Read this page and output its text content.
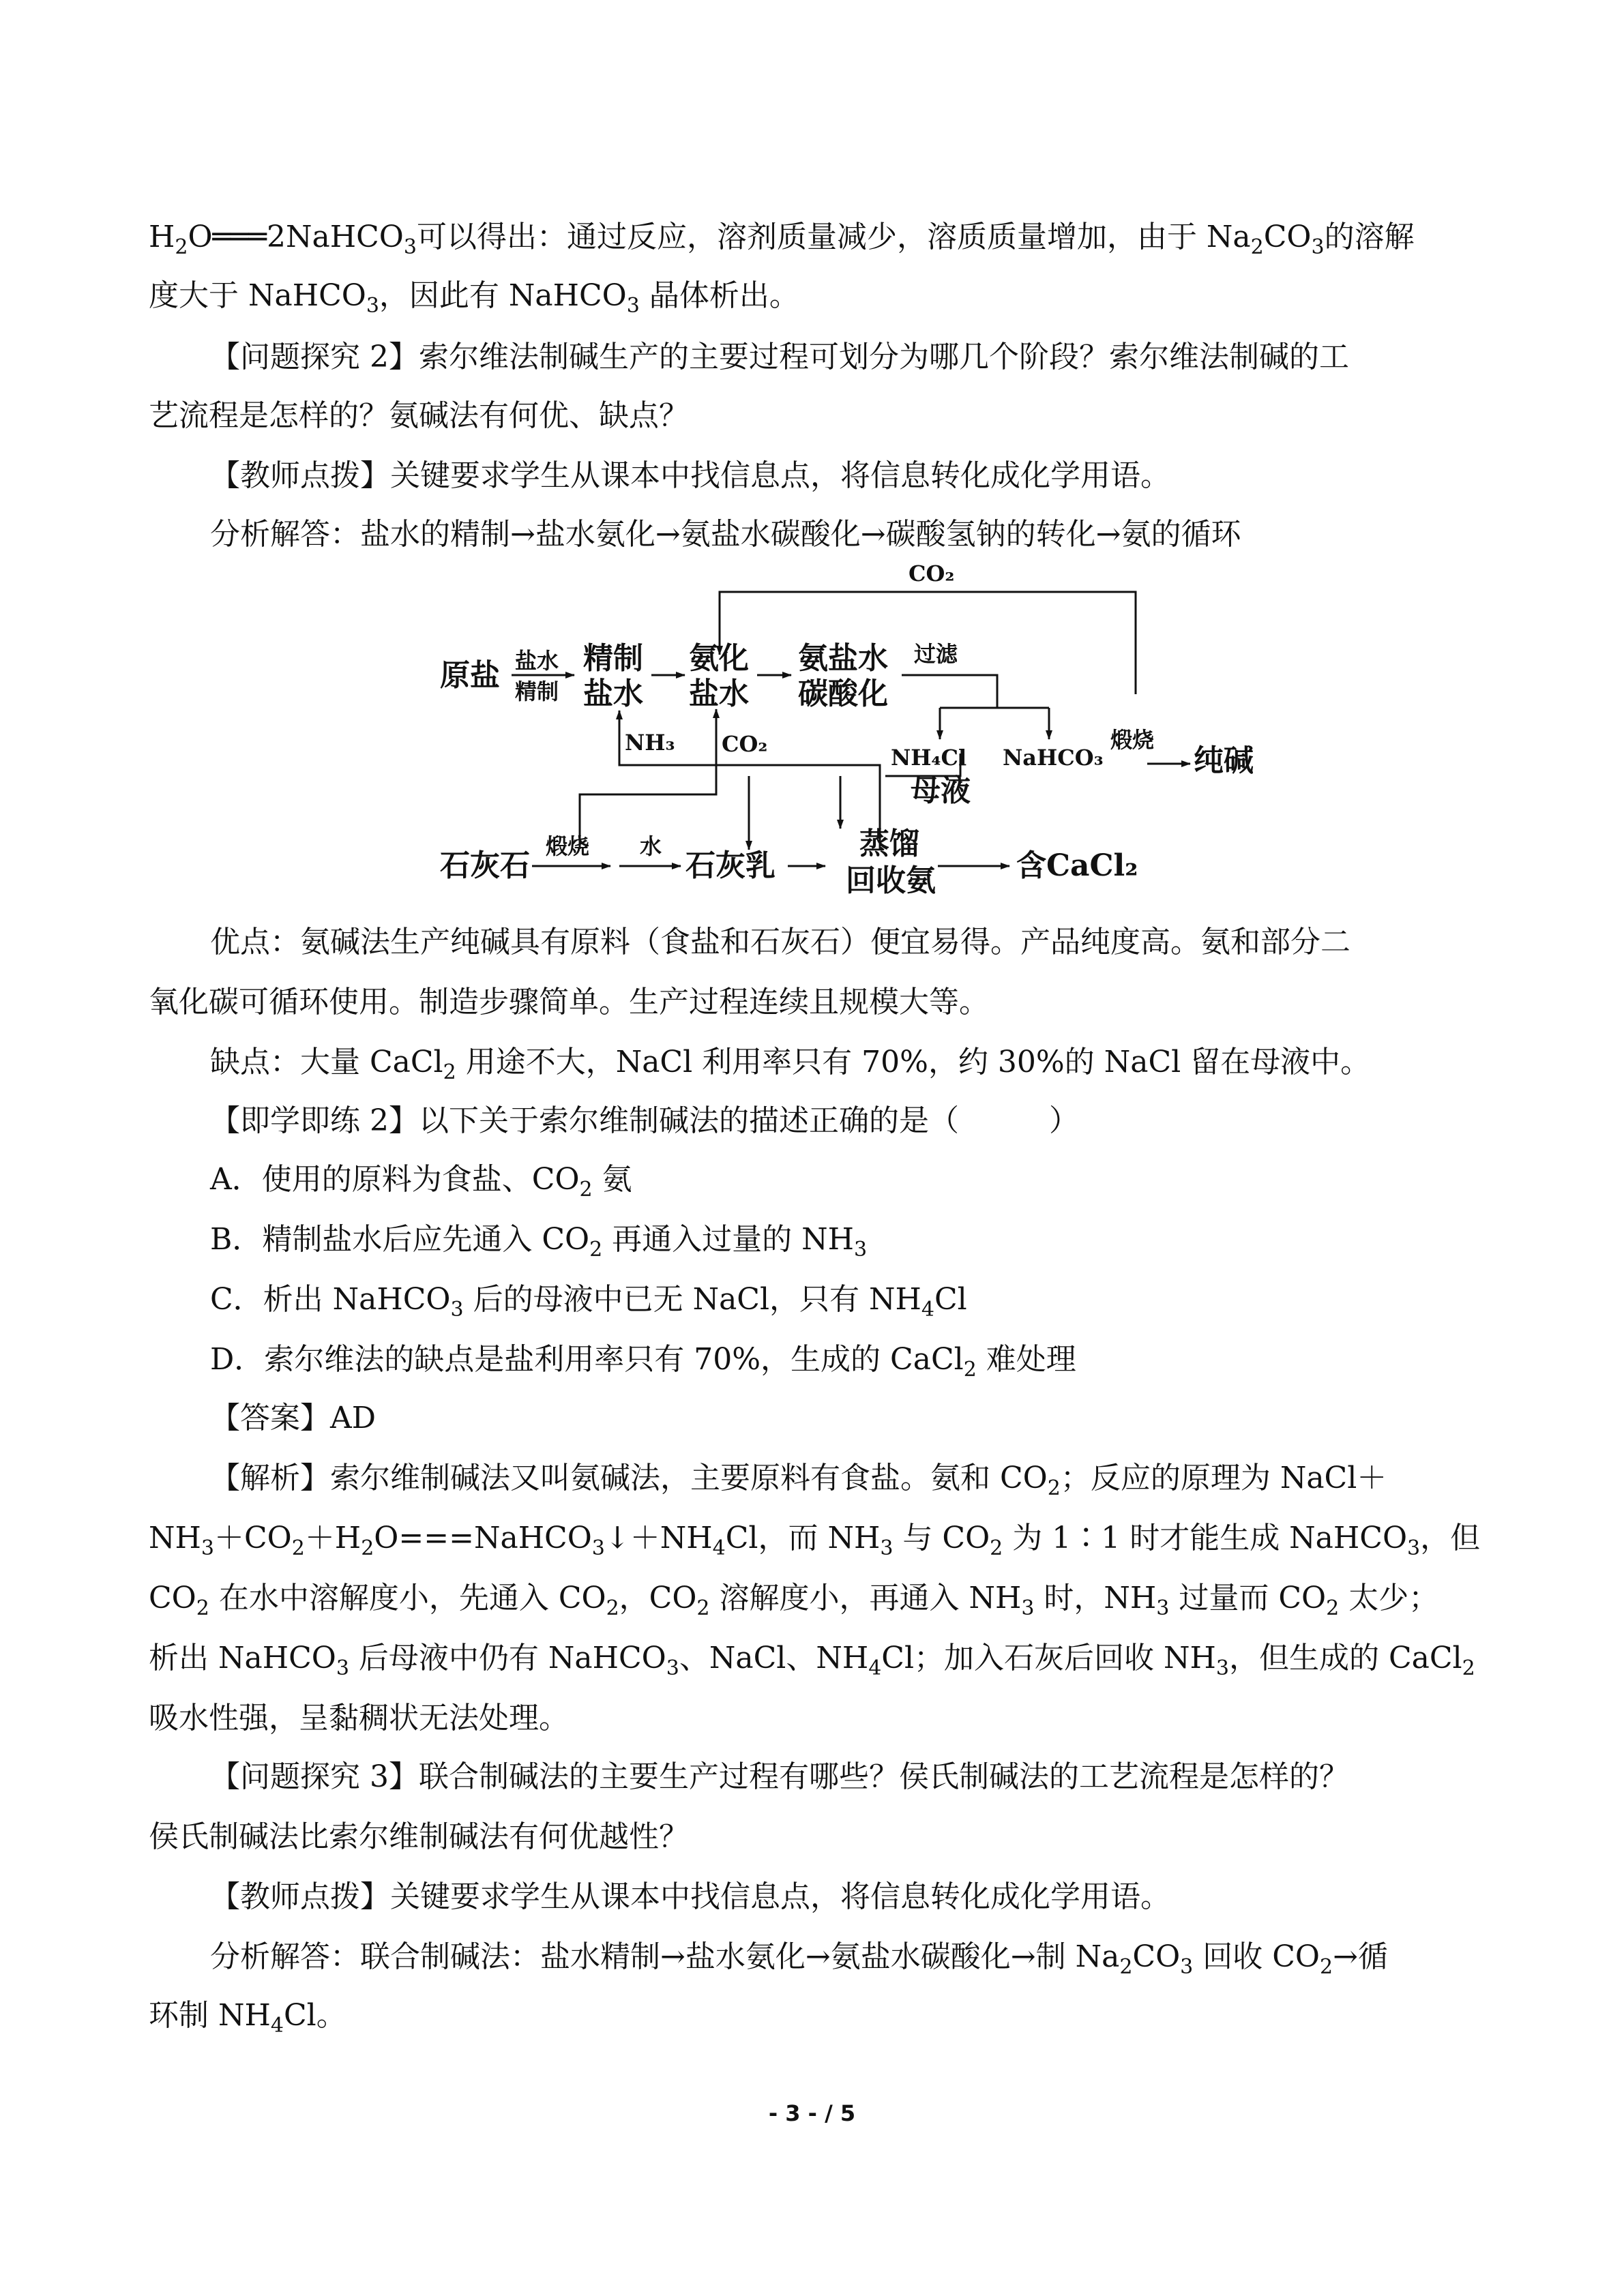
$H_2O═══2NaHCO_3$可以得出：通过反应，溶剂质量减少，溶质质量增加，由于 $Na_2CO_3$的溶解
度大于 NaHCO$_3$，因此有 NaHCO$_3$ 晶体析出。
【问题探究 2】索尔维法制碱生产的主要过程可划分为哪几个阶段？索尔维法制碱的工
艺流程是怎样的？氨碱法有何优、缺点？
【教师点拨】关键要求学生从课本中找信息点，将信息转化成化学用语。
分析解答：盐水的精制→盐水氨化→氨盐水碳酸化→碳酸氢钠的转化→氨的循环
CO₂
原盐 盐水
精制
精制
盐水
氨化
盐水
氨盐水
碳酸化
过滤
NH₃ CO₂
NH₄Cl
母液
NaHCO₃
煅烧
纯碱
石灰石
煅烧 水
石灰乳
蒸馏
回收氨	含CaCl₂
优点：氨碱法生产纯碱具有原料（食盐和石灰石）便宜易得。产品纯度高。氨和部分二
氧化碳可循环使用。制造步骤简单。生产过程连续且规模大等。
缺点：大量 CaCl$_2$ 用途不大，NaCl 利用率只有 70%，约 30%的 NaCl 留在母液中。
【即学即练 2】以下关于索尔维制碱法的描述正确的是（　　　）
A．使用的原料为食盐、$CO_2$ 氨
B．精制盐水后应先通入 $CO_2$ 再通入过量的 $NH_3$
C．析出 NaHCO$_3$ 后的母液中已无 NaCl，只有 $NH_4Cl$
D．索尔维法的缺点是盐利用率只有 70%，生成的 CaCl$_2$ 难处理
【答案】AD
【解析】索尔维制碱法又叫氨碱法，主要原料有食盐。氨和 $CO_2$；反应的原理为 NaCl＋
$NH_3+CO_2+H_2O===NaHCO_3↓+NH_4Cl$，而 $NH_3$ 与 $CO_2$ 为 1∶1 时才能生成 NaHCO$_3$，但
$CO_2$ 在水中溶解度小，先通入 $CO_2$，$CO_2$ 溶解度小，再通入 $NH_3$ 时，$NH_3$ 过量而 $CO_2$ 太少；
析出 NaHCO$_3$ 后母液中仍有 NaHCO$_3$、NaCl、$NH_4Cl$；加入石灰后回收 $NH_3$，但生成的 CaCl$_2$
吸水性强，呈黏稠状无法处理。
【问题探究 3】联合制碱法的主要生产过程有哪些？侯氏制碱法的工艺流程是怎样的？
侯氏制碱法比索尔维制碱法有何优越性？
【教师点拨】关键要求学生从课本中找信息点，将信息转化成化学用语。
分析解答：联合制碱法：盐水精制→盐水氨化→氨盐水碳酸化→制 $Na_2CO_3$ 回收 $CO_2\to$循
环制 $NH_4Cl$。
- 3 - / 5
